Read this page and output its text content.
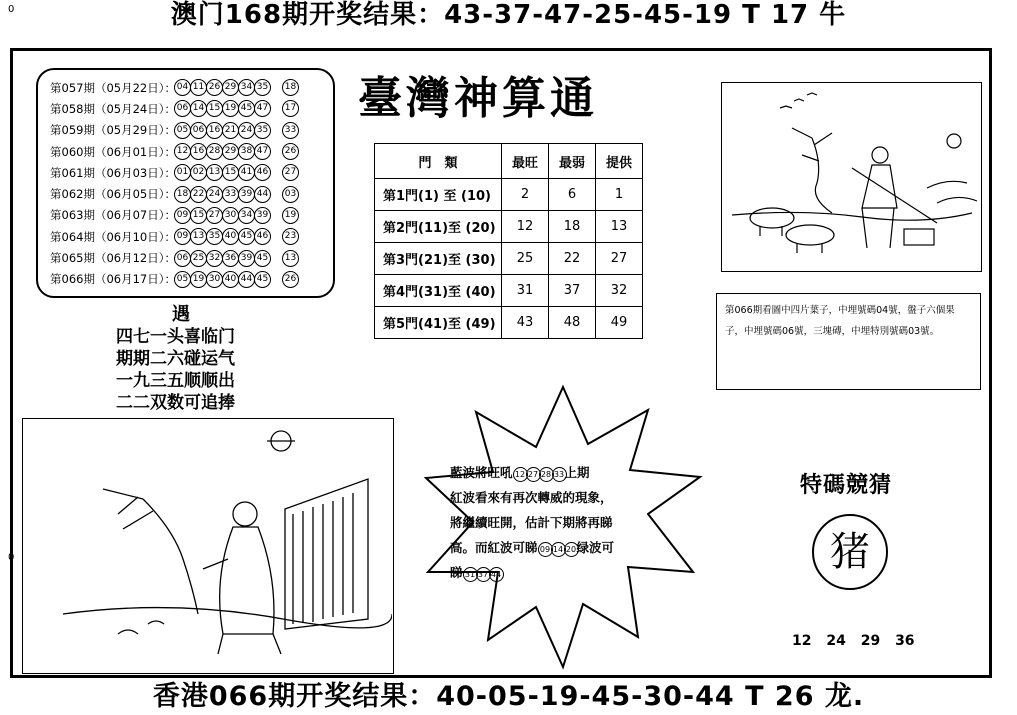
澳门168期开奖结果：43-37-47-25-45-19 T 17 牛
0
0
第057期（05月22日）： 04 11 26 29 34 35	18
第058期（05月24日）： 06 14 15 19 45 47	17
第059期（05月29日）： 05 06 16 21 24 35	33
第060期（06月01日）： 12 16 28 29 38 47	26
第061期（06月03日）： 01 02 13 15 41 46	27
第062期（06月05日）： 18 22 24 33 39 44	03
第063期（06月07日）： 09 15 27 30 34 39	19
第064期（06月10日）： 09 13 35 40 45 46	23
第065期（06月12日）： 06 25 32 36 39 45	13
第066期（06月17日）： 05 19 30 40 44 45	26
臺灣神算通
門　類	最旺	最弱	提供
第1門(1) 至 (10)	2	6	1
第2門(11)至 (20)	12	18	13
第3門(21)至 (30)	25	22	27
第4門(31)至 (40)	31	37	32
第5門(41)至 (49)	43	48	49
第066期看圖中四片葉子，中埋號碼04號，盤子六個果子，中埋號碼06號，三塊磚，中埋特別號碼03號。
遇
四七一头喜临门
期期二六碰运气
一九三五顺顺出
二二双数可追捧
藍波將旺吼 12 27 28 33上期
紅波看來有再次轉威的現象，
將繼續旺開，估計下期將再睇
高。而紅波可睇 09 14 20绿波可
睇 31 37 44
特碼競猜
猪
12 24 29 36
香港066期开奖结果：40-05-19-45-30-44 T 26 龙.
